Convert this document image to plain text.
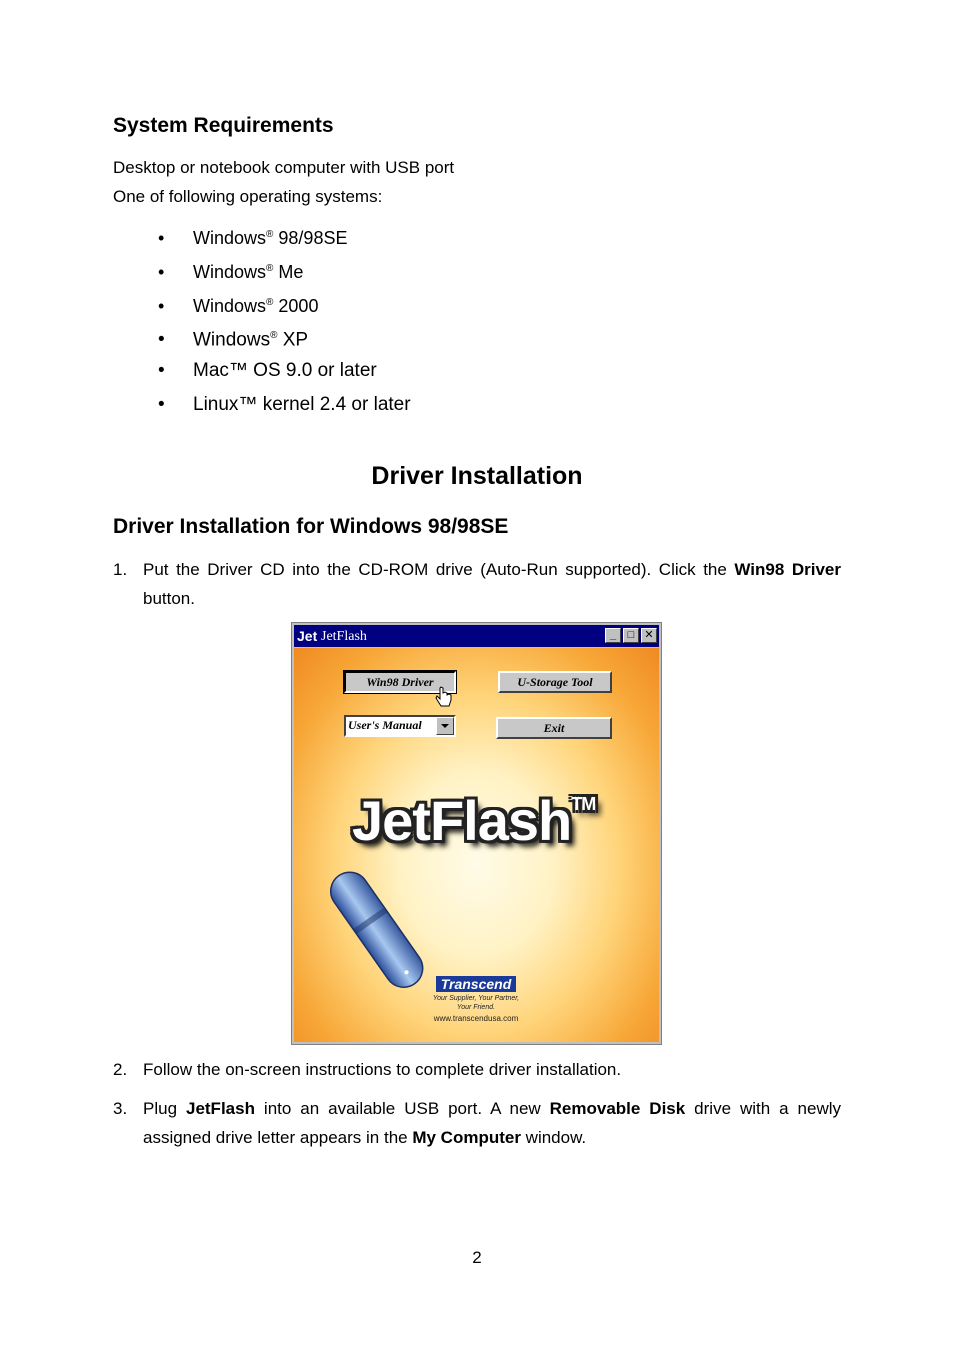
System Requirements
Desktop or notebook computer with USB port
One of following operating systems:
• Windows® 98/98SE
• Windows® Me
• Windows® 2000
• Windows® XP
• Mac™ OS 9.0 or later
• Linux™ kernel 2.4 or later
Driver Installation
Driver Installation for Windows 98/98SE
1. Put the Driver CD into the CD-ROM drive (Auto-Run supported). Click the Win98 Driver button.
Jet JetFlash	_	□ ✕
Win98 Driver	U-Storage Tool
User's Manual	Exit
JetFlash™
Transcend
Your Supplier, Your Partner,
Your Friend.
www.transcendusa.com
2. Follow the on-screen instructions to complete driver installation.
3. Plug JetFlash into an available USB port. A new Removable Disk drive with a newly assigned drive letter appears in the My Computer window.
2
